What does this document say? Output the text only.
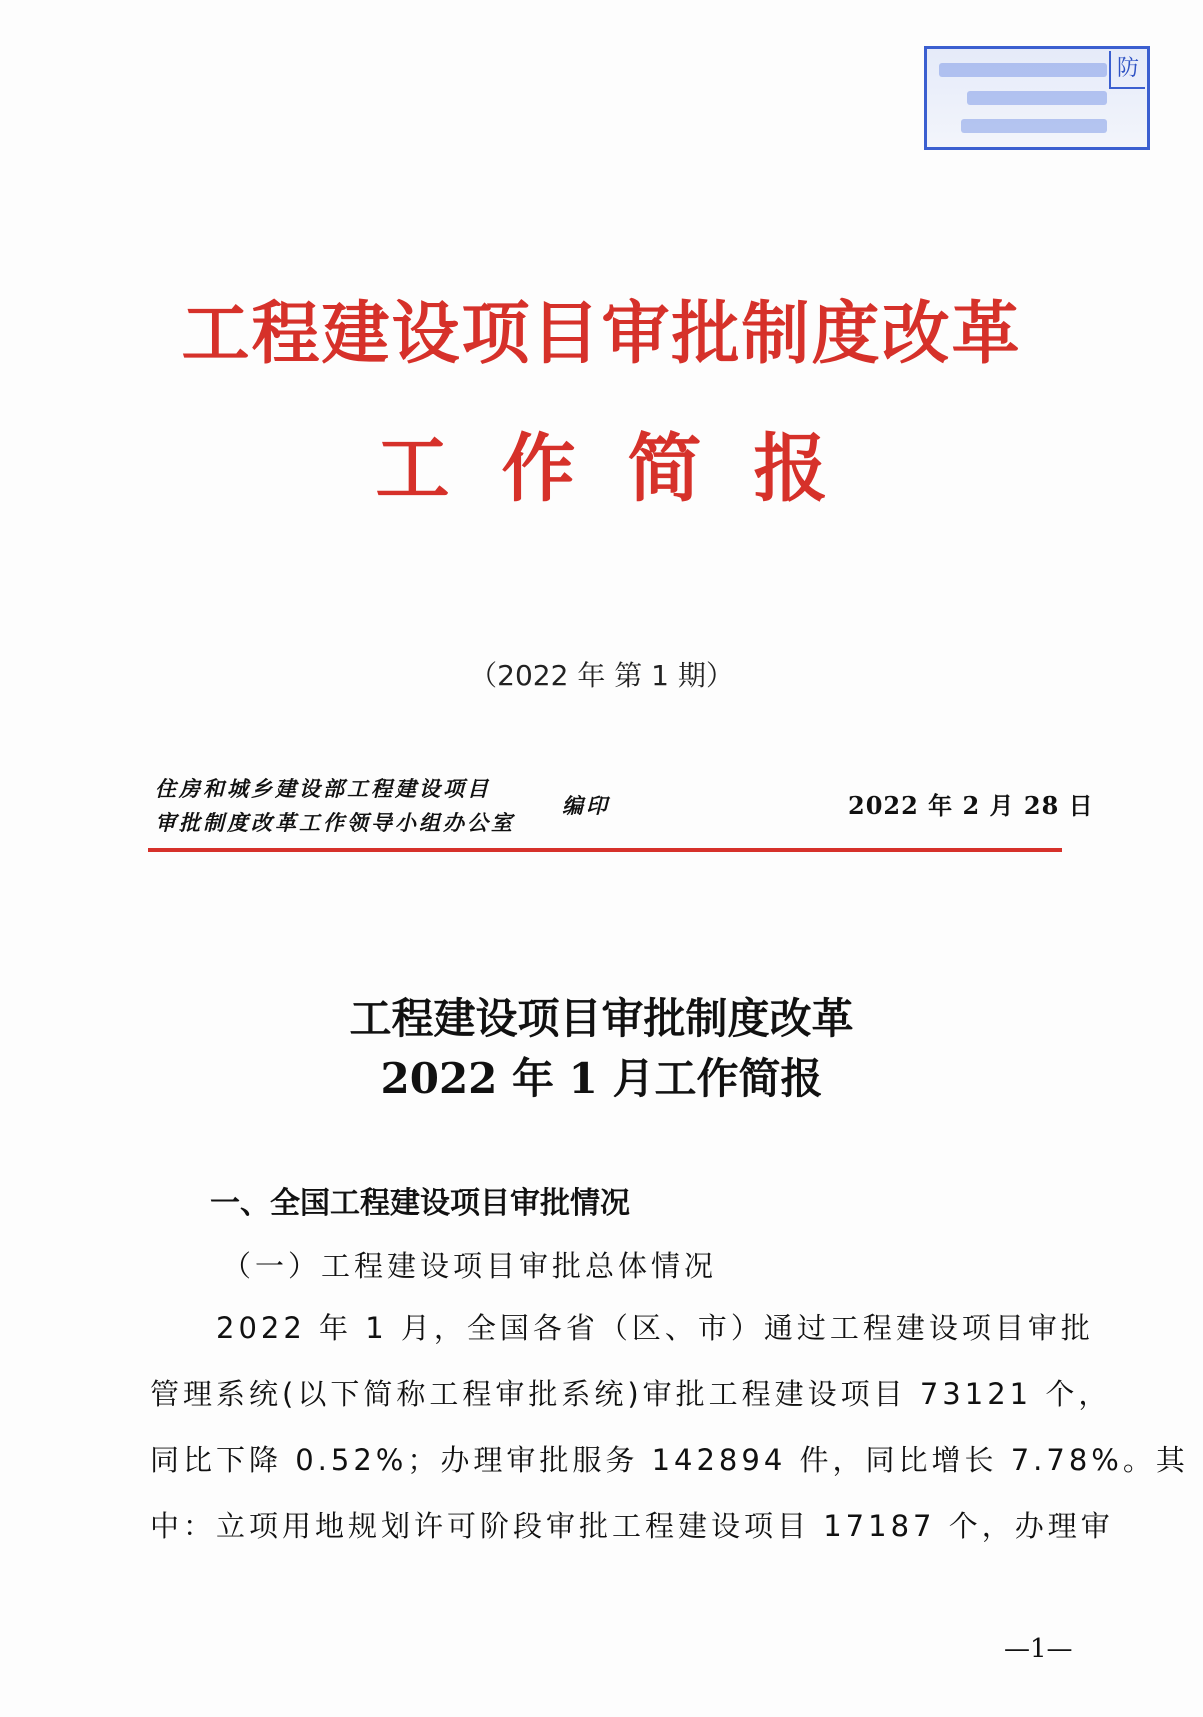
防
工程建设项目审批制度改革
工作简报
（2022 年 第 1 期）
住房和城乡建设部工程建设项目
审批制度改革工作领导小组办公室
编印	2022 年 2 月 28 日
工程建设项目审批制度改革
2022 年 1 月工作简报
一、全国工程建设项目审批情况
（一）工程建设项目审批总体情况
2022 年 1 月，全国各省（区、市）通过工程建设项目审批
管理系统(以下简称工程审批系统)审批工程建设项目 73121 个，
同比下降 0.52%；办理审批服务 142894 件，同比增长 7.78%。其
中：立项用地规划许可阶段审批工程建设项目 17187 个，办理审
—1—
